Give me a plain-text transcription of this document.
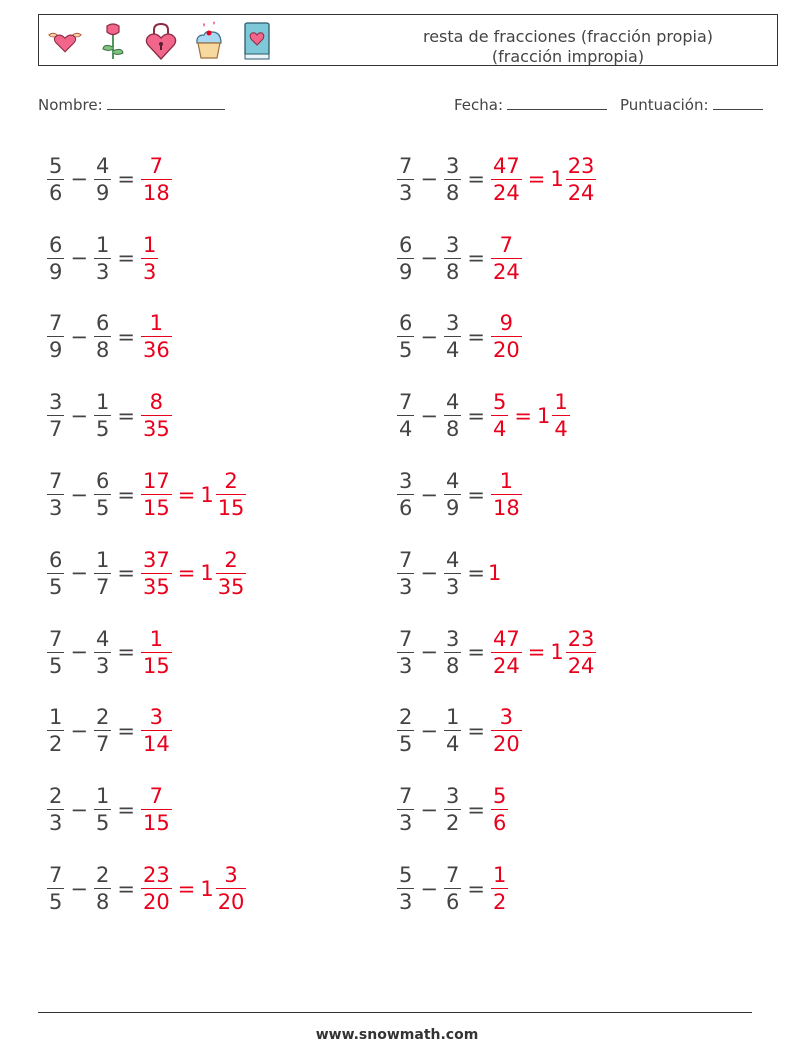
resta de fracciones (fracción propia)
(fracción impropia)
Nombre:	Fecha:	Puntuación:
$\frac{5}{6} - \frac{4}{9} = \frac{7}{18}$
$\frac{6}{9} - \frac{1}{3} = \frac{1}{3}$
$\frac{7}{9} - \frac{6}{8} = \frac{1}{36}$
$\frac{3}{7} - \frac{1}{5} = \frac{8}{35}$
$\frac{7}{3} - \frac{6}{5} = \frac{17}{15} = 1 \frac{2}{15}$
$\frac{6}{5} - \frac{1}{7} = \frac{37}{35} = 1 \frac{2}{35}$
$\frac{7}{5} - \frac{4}{3} = \frac{1}{15}$
$\frac{1}{2} - \frac{2}{7} = \frac{3}{14}$
$\frac{2}{3} - \frac{1}{5} = \frac{7}{15}$
$\frac{7}{5} - \frac{2}{8} = \frac{23}{20} = 1 \frac{3}{20}$
$\frac{7}{3} - \frac{3}{8} = \frac{47}{24} = 1 \frac{23}{24}$
$\frac{6}{9} - \frac{3}{8} = \frac{7}{24}$
$\frac{6}{5} - \frac{3}{4} = \frac{9}{20}$
$\frac{7}{4} - \frac{4}{8} = \frac{5}{4} = 1 \frac{1}{4}$
$\frac{3}{6} - \frac{4}{9} = \frac{1}{18}$
$\frac{7}{3} - \frac{4}{3} = 1$
$\frac{7}{3} - \frac{3}{8} = \frac{47}{24} = 1 \frac{23}{24}$
$\frac{2}{5} - \frac{1}{4} = \frac{3}{20}$
$\frac{7}{3} - \frac{3}{2} = \frac{5}{6}$
$\frac{5}{3} - \frac{7}{6} = \frac{1}{2}$
www.snowmath.com
